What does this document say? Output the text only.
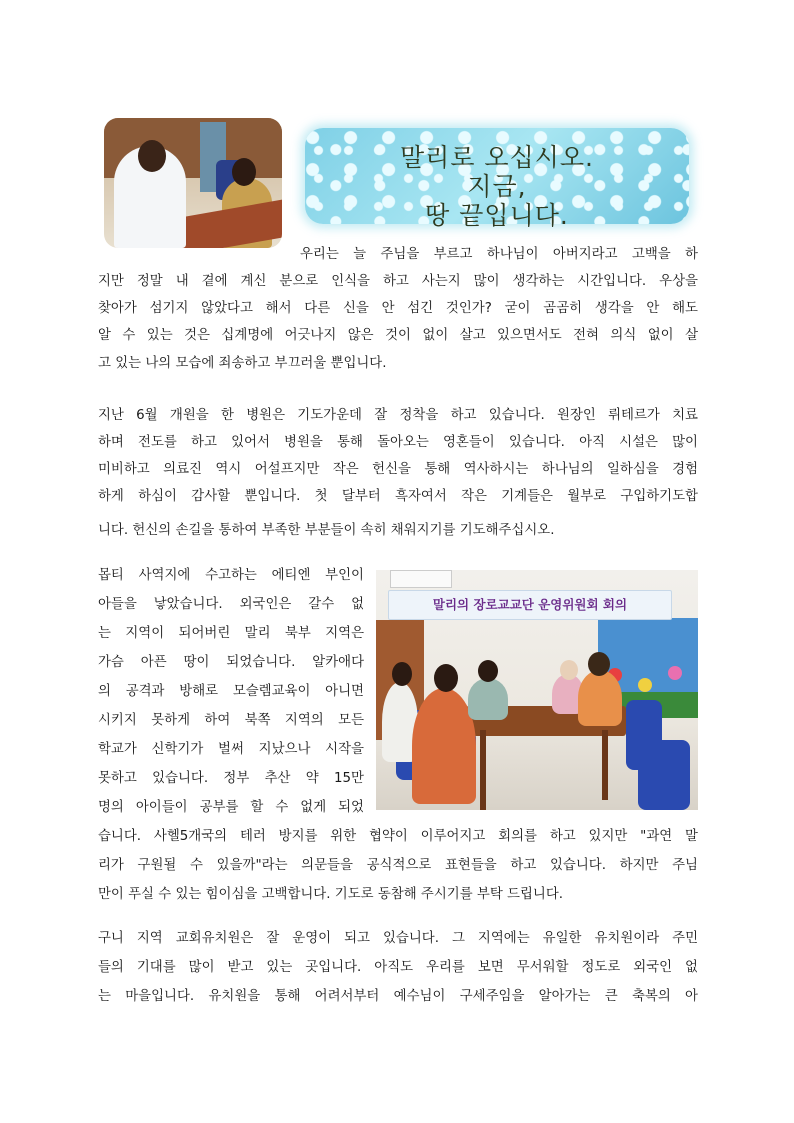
말리로 오십시오.
지금,
땅 끝입니다.
우리는 늘 주님을 부르고 하나님이 아버지라고 고백을 하
지만 정말 내 곁에 계신 분으로 인식을 하고 사는지 많이 생각하는 시간입니다. 우상을
찾아가 섬기지 않았다고 해서 다른 신을 안 섬긴 것인가? 굳이 곰곰히 생각을 안 해도
알 수 있는 것은 십계명에 어긋나지 않은 것이 없이 살고 있으면서도 전혀 의식 없이 살
고 있는 나의 모습에 죄송하고 부끄러울 뿐입니다.
지난 6월 개원을 한 병원은 기도가운데 잘 정착을 하고 있습니다. 원장인 뤼테르가 치료
하며 전도를 하고 있어서 병원을 통해 돌아오는 영혼들이 있습니다. 아직 시설은 많이
미비하고 의료진 역시 어설프지만 작은 헌신을 통해 역사하시는 하나님의 일하심을 경험
하게 하심이 감사할 뿐입니다. 첫 달부터 흑자여서 작은 기계들은 월부로 구입하기도합
니다. 헌신의 손길을 통하여 부족한 부분들이 속히 채워지기를 기도해주십시오.
몹티 사역지에 수고하는 에티엔 부인이
아들을 낳았습니다. 외국인은 갈수 없
는 지역이 되어버린 말리 북부 지역은
가슴 아픈 땅이 되었습니다. 알카애다
의 공격과 방해로 모슬렘교육이 아니면
시키지 못하게 하여 북쪽 지역의 모든
학교가 신학기가 벌써 지났으나 시작을
못하고 있습니다. 정부 추산 약 15만
명의 아이들이 공부를 할 수 없게 되었
습니다. 사헬5개국의 테러 방지를 위한 협약이 이루어지고 회의를 하고 있지만 "과연 말
리가 구원될 수 있을까"라는 의문들을 공식적으로 표현들을 하고 있습니다. 하지만 주님
만이 푸실 수 있는 힘이심을 고백합니다. 기도로 동참해 주시기를 부탁 드립니다.
말리의 장로교교단 운영위원회 회의
구니 지역 교회유치원은 잘 운영이 되고 있습니다. 그 지역에는 유일한 유치원이라 주민
들의 기대를 많이 받고 있는 곳입니다. 아직도 우리를 보면 무서워할 정도로 외국인 없
는 마을입니다. 유치원을 통해 어려서부터 예수님이 구세주임을 알아가는 큰 축복의 아
